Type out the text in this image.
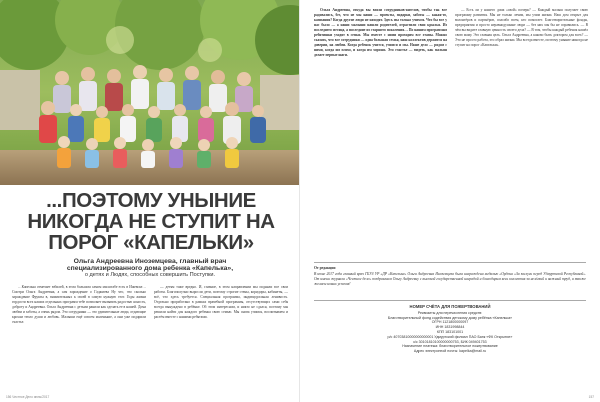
...ПОЭТОМУ УНЫНИЕ
НИКОГДА НЕ СТУПИТ НА
ПОРОГ «КАПЕЛЬКИ»
Ольга Андреевна Иноземцева, главный врач
специализированного дома ребенка «Капелька»,
о детях и Людях, способных совершить Поступки.

…Капелька отмечает юбилей, в этом большом самом масштабе есть в Ижевске…Смотри Ольга Андреевна, а сам зарождение о Гаджиева Ну что, что сколько зарождение Фрукты в, внимательных к своей в самую нужную этот. Годы жизни гордости всех наших отдельных программ тебе позволяет вызывать радостью ясность, доброту и Андреевна. Ольга Андреевна с детьми ранили как сделать ее в нашей. Дома любви и заботы, а очень рядом. Это сотрудники — это удивительные люди, отдающие крохам тепло души и любовь. Малыши ещё совсем маленькие, а они уже подарили счастье.

— детям тоже вредно. И, главное, в этом направлении мы подняли все свои работы. Благополучно выросли дети, поэтому строгие стены, коридоры, кабинеты, — всё, что здесь требуется. Специальная программа, индивидуальная ленивость. Отдельно проработано в рамках врачебной программы, отсутствующих сами себя всегда вынуждено в ребёнке. Об этом интересном, и никто не сдался, поэтому мы решили найти для каждого ребенка свою семью. Мы снова учимся, воспитываем и растём вместе с нашими ребятами.

156 Честное Дело июнь/2017

Ольга Андреевна, откуда вы взяли сотрудников-ангелов, чтобы так все радовались, без, что не мы наши — проекты, подарки, заботы — какая-то, кампания? Когда другие люди не находят. Здесь мы только учимся. Что бы все у нас было — а наши малыши нашли родителей, отрастили свои крылья. Из последнего месяца, а последние из старшего поколения… По нашим программам ребятишки уходят в семьи. Мы вместе с ними проходим все этапы. Можно сказать, что все сотрудники — одна большая семья, наш коллектив держится на доверии, на любви. Когда ребенок учится, учимся и мы. Наше дело — рядом с ними, когда им плохо, и когда им хорошо. Это счастье — видеть, как малыш делает первые шаги.

— Есть ли у нашего дома «свой» почерк? — Каждый малыш получает свою программу развития. Мы не только лечим, мы учим жизни. Наш дом открыт для волонтёров и партнёров, спасибо всем, кто помогает. Благотворительные фонды, предприятия и просто неравнодушные люди — без них мы бы не справились. — В чём вы видите главную ценность своего дела? — В том, чтобы каждый ребенок нашёл свою маму. Это главная цель. Ольга Андреевна, а каково быть доктором для всех? — Это не просто работа, это образ жизни. Мы всегда вместе, поэтому уныние никогда не ступит на порог «Капельки».

От редакции
В июне 2017 года главный врач ГБУЗ УР «ДР «Капелька» Ольга Андреевна Иноземцева была награждена медалью «Ордена «За заслуги перед Удмуртской Республикой». От имени журнала «Честное дело» поздравляем Ольгу Андреевну с высокой государственной наградой и благодарим весь коллектив за нелёгкий и важный труд, а также желаем новых успехов!
НОМЕР СЧЁТА ДЛЯ ПОЖЕРТВОВАНИЙ
Реквизиты для перечисления средств:
Благотворительный фонд содействия детскому дому ребёнка «Капелька»
ОГРН 1121800000097
ИНН 1831998844
КПП 183101001
р/с 40703810000000000001 Удмуртский филиал ПАО Банк «ФК Открытие»
к/с 30101810100000000753, БИК 049401753
Назначение платежа: благотворительное пожертвование
Адрес электронной почты: kapelka@mail.ru
157
